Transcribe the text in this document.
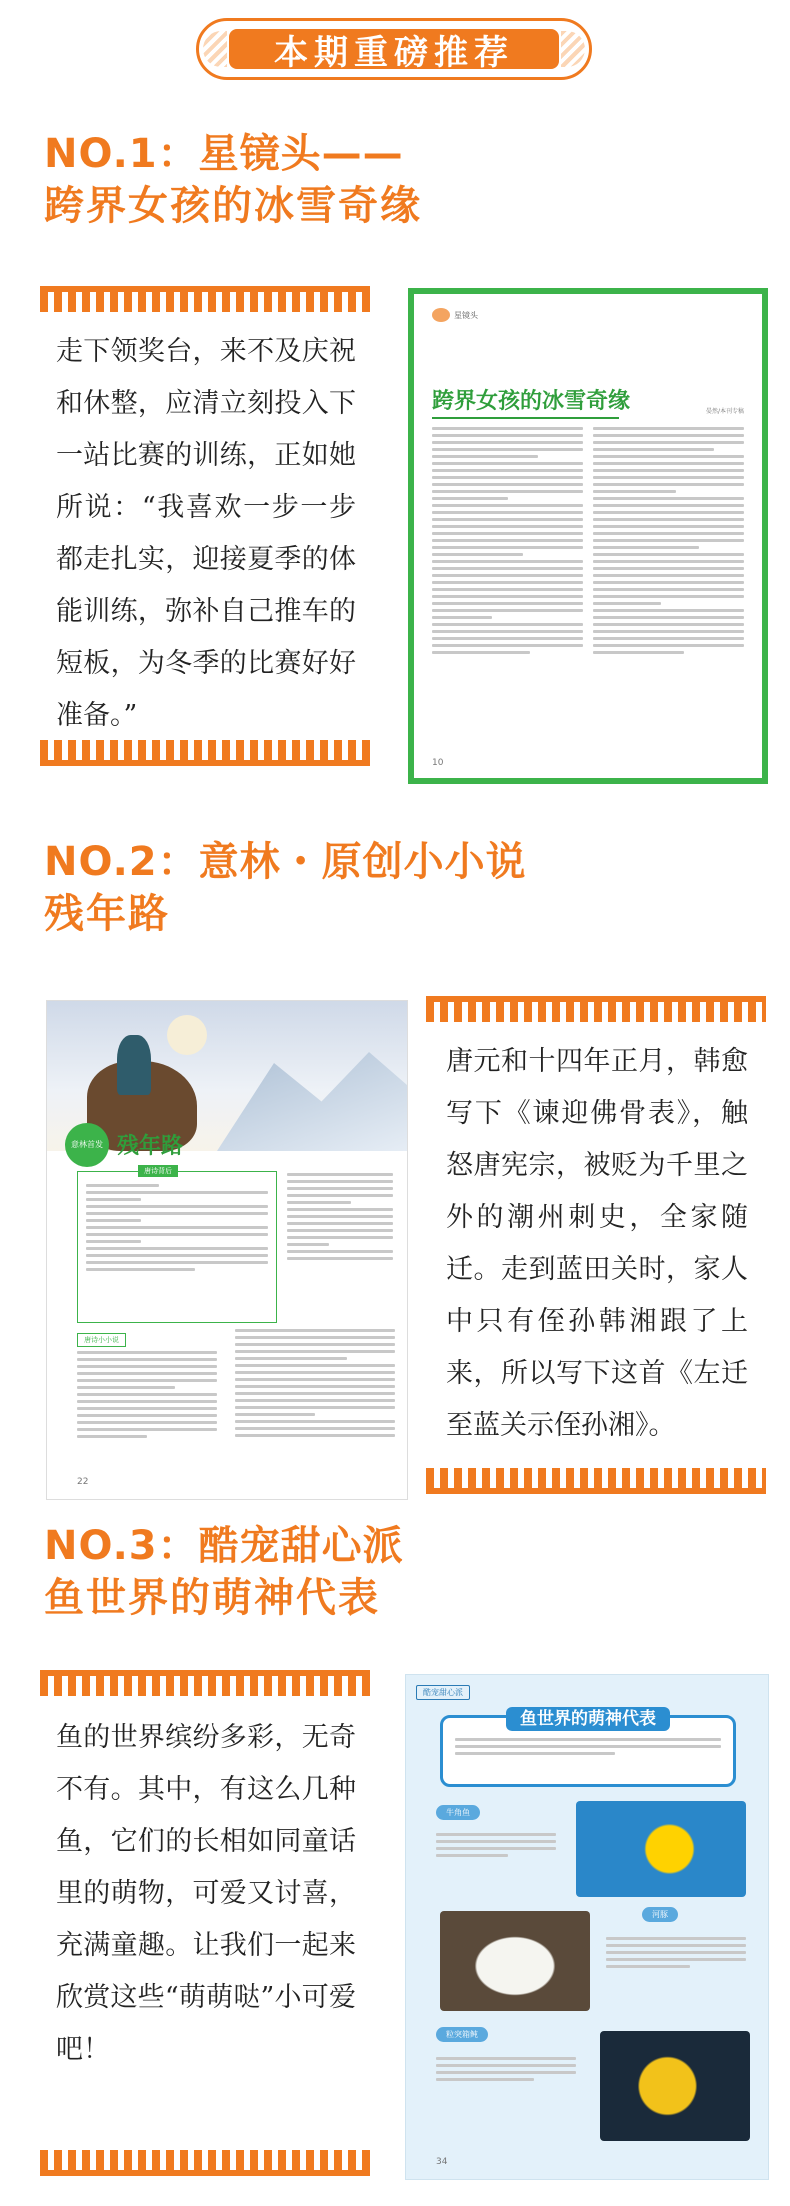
本期重磅推荐
NO.1：星镜头——
跨界女孩的冰雪奇缘
走下领奖台，来不及庆祝和休整，应清立刻投入下一站比赛的训练，正如她所说：“我喜欢一步一步都走扎实，迎接夏季的体能训练，弥补自己推车的短板，为冬季的比赛好好准备。”
星镜头
跨界女孩的冰雪奇缘	晏然/本刊专稿
10
NO.2：意林・原创小小说
残年路
意林首发 残年路
唐诗背后
唐诗小小说
22
唐元和十四年正月，韩愈写下《谏迎佛骨表》，触怒唐宪宗，被贬为千里之外的潮州刺史，全家随迁。走到蓝田关时，家人中只有侄孙韩湘跟了上来，所以写下这首《左迁至蓝关示侄孙湘》。
NO.3：酷宠甜心派
鱼世界的萌神代表
鱼的世界缤纷多彩，无奇不有。其中，有这么几种鱼，它们的长相如同童话里的萌物，可爱又讨喜，充满童趣。让我们一起来欣赏这些“萌萌哒”小可爱吧！
酷宠甜心派
鱼世界的萌神代表
牛角鱼
河豚
粒突箱鲀
34
